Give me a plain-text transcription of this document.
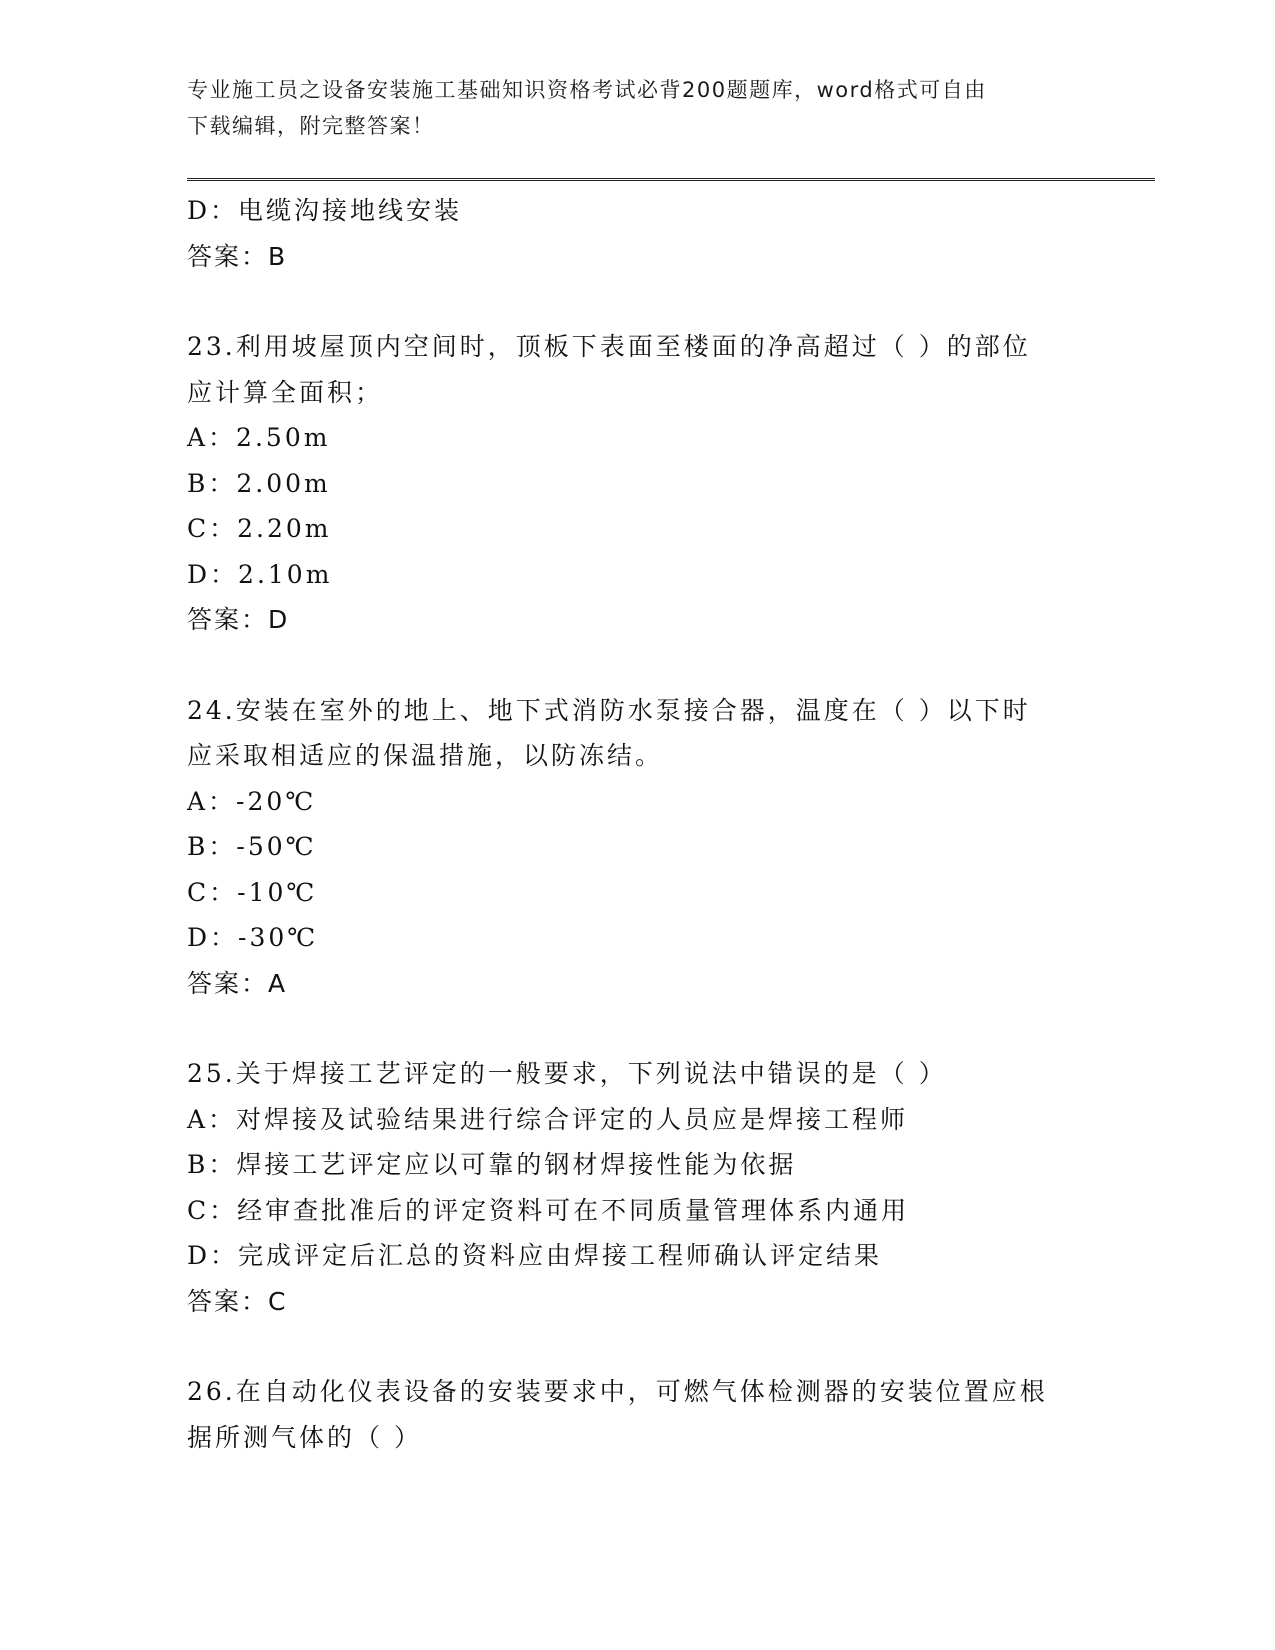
专业施工员之设备安装施工基础知识资格考试必背200题题库，word格式可自由
下载编辑，附完整答案！
D：电缆沟接地线安装
答案：B
23.利用坡屋顶内空间时，顶板下表面至楼面的净高超过（ ）的部位
应计算全面积；
A：2.50m
B：2.00m
C：2.20m
D：2.10m
答案：D
24.安装在室外的地上、地下式消防水泵接合器，温度在（ ）以下时
应采取相适应的保温措施，以防冻结。
A：-20℃
B：-50℃
C：-10℃
D：-30℃
答案：A
25.关于焊接工艺评定的一般要求，下列说法中错误的是（ ）
A：对焊接及试验结果进行综合评定的人员应是焊接工程师
B：焊接工艺评定应以可靠的钢材焊接性能为依据
C：经审查批准后的评定资料可在不同质量管理体系内通用
D：完成评定后汇总的资料应由焊接工程师确认评定结果
答案：C
26.在自动化仪表设备的安装要求中，可燃气体检测器的安装位置应根
据所测气体的（ ）
